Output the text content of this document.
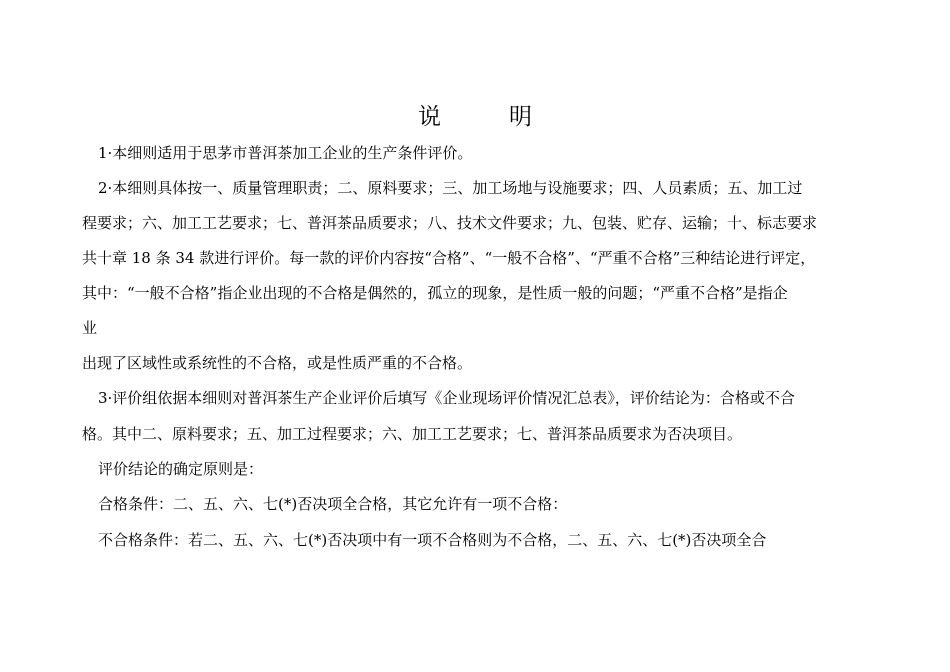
说	明
1·本细则适用于思茅市普洱茶加工企业的生产条件评价。
2·本细则具体按一、质量管理职责；二、原料要求；三、加工场地与设施要求；四、人员素质；五、加工过
程要求；六、加工工艺要求；七、普洱茶品质要求；八、技术文件要求；九、包装、贮存、运输；十、标志要求
共十章 18 条 34 款进行评价。每一款的评价内容按“合格”、“一般不合格”、“严重不合格”三种结论进行评定，
其中：“一般不合格”指企业出现的不合格是偶然的，孤立的现象，是性质一般的问题；“严重不合格”是指企
业
出现了区域性或系统性的不合格，或是性质严重的不合格。
3·评价组依据本细则对普洱茶生产企业评价后填写《企业现场评价情况汇总表》，评价结论为：合格或不合
格。其中二、原料要求；五、加工过程要求；六、加工工艺要求；七、普洱茶品质要求为否决项目。
评价结论的确定原则是：
合格条件：二、五、六、七(*)否决项全合格，其它允许有一项不合格：
不合格条件：若二、五、六、七(*)否决项中有一项不合格则为不合格，二、五、六、七(*)否决项全合
